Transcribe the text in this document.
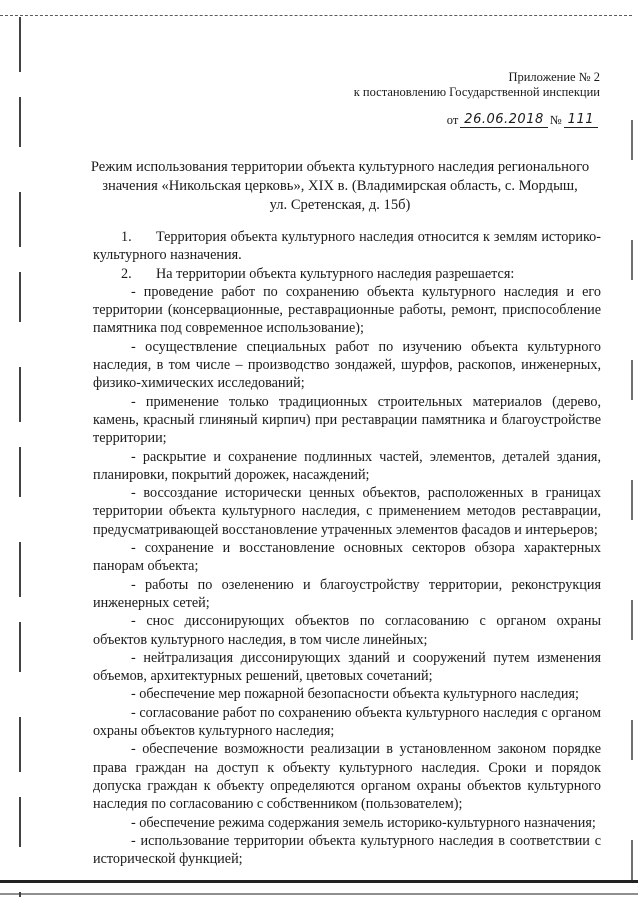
Приложение № 2
к постановлению Государственной инспекции
от 26.06.2018 № 111
Режим использования территории объекта культурного наследия регионального
значения «Никольская церковь», XIX в. (Владимирская область, с. Мордыш,
ул. Сретенская, д. 15б)

1. Территория объекта культурного наследия относится к землям историко-культурного назначения.

2. На территории объекта культурного наследия разрешается:

- проведение работ по сохранению объекта культурного наследия и его территории (консервационные, реставрационные работы, ремонт, приспособление памятника под современное использование);

- осуществление специальных работ по изучению объекта культурного наследия, в том числе – производство зондажей, шурфов, раскопов, инженерных, физико-химических исследований;

- применение только традиционных строительных материалов (дерево, камень, красный глиняный кирпич) при реставрации памятника и благоустройстве территории;

- раскрытие и сохранение подлинных частей, элементов, деталей здания, планировки, покрытий дорожек, насаждений;

- воссоздание исторически ценных объектов, расположенных в границах территории объекта культурного наследия, с применением методов реставрации, предусматривающей восстановление утраченных элементов фасадов и интерьеров;

- сохранение и восстановление основных секторов обзора характерных панорам объекта;

- работы по озеленению и благоустройству территории, реконструкция инженерных сетей;

- снос диссонирующих объектов по согласованию с органом охраны объектов культурного наследия, в том числе линейных;

- нейтрализация диссонирующих зданий и сооружений путем изменения объемов, архитектурных решений, цветовых сочетаний;

- обеспечение мер пожарной безопасности объекта культурного наследия;

- согласование работ по сохранению объекта культурного наследия с органом охраны объектов культурного наследия;

- обеспечение возможности реализации в установленном законом порядке права граждан на доступ к объекту культурного наследия. Сроки и порядок допуска граждан к объекту определяются органом охраны объектов культурного наследия по согласованию с собственником (пользователем);

- обеспечение режима содержания земель историко-культурного назначения;

- использование территории объекта культурного наследия в соответствии с исторической функцией;
